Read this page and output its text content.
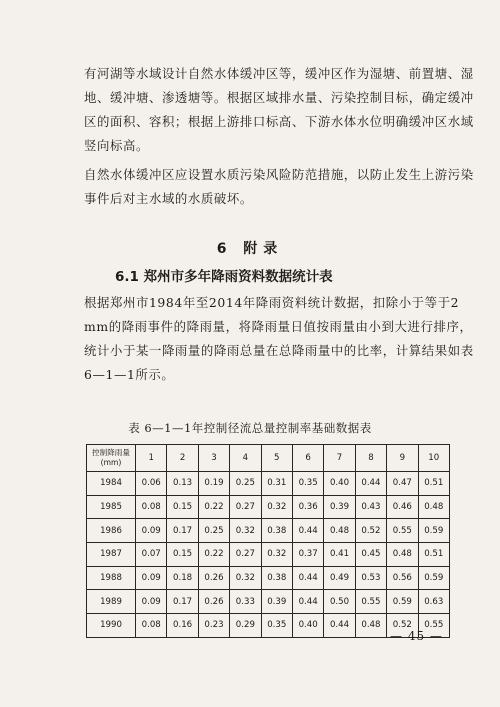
有河湖等水域设计自然水体缓冲区等，缓冲区作为湿塘、前置塘、湿地、缓冲塘、渗透塘等。根据区域排水量、污染控制目标，确定缓冲区的面积、容积；根据上游排口标高、下游水体水位明确缓冲区水域竖向标高。
自然水体缓冲区应设置水质污染风险防范措施，以防止发生上游污染事件后对主水域的水质破坏。
6 附录
6.1 郑州市多年降雨资料数据统计表
根据郑州市1984年至2014年降雨资料统计数据，扣除小于等于2 mm的降雨事件的降雨量，将降雨量日值按雨量由小到大进行排序，统计小于某一降雨量的降雨总量在总降雨量中的比率，计算结果如表6—1—1所示。
表 6—1—1年控制径流总量控制率基础数据表
控制降雨量
(mm)	1	2	3	4	5	6	7	8	9	10
1984	0.06	0.13	0.19	0.25	0.31	0.35	0.40	0.44	0.47	0.51
1985	0.08	0.15	0.22	0.27	0.32	0.36	0.39	0.43	0.46	0.48
1986	0.09	0.17	0.25	0.32	0.38	0.44	0.48	0.52	0.55	0.59
1987	0.07	0.15	0.22	0.27	0.32	0.37	0.41	0.45	0.48	0.51
1988	0.09	0.18	0.26	0.32	0.38	0.44	0.49	0.53	0.56	0.59
1989	0.09	0.17	0.26	0.33	0.39	0.44	0.50	0.55	0.59	0.63
1990	0.08	0.16	0.23	0.29	0.35	0.40	0.44	0.48	0.52	0.55
— 45 —
